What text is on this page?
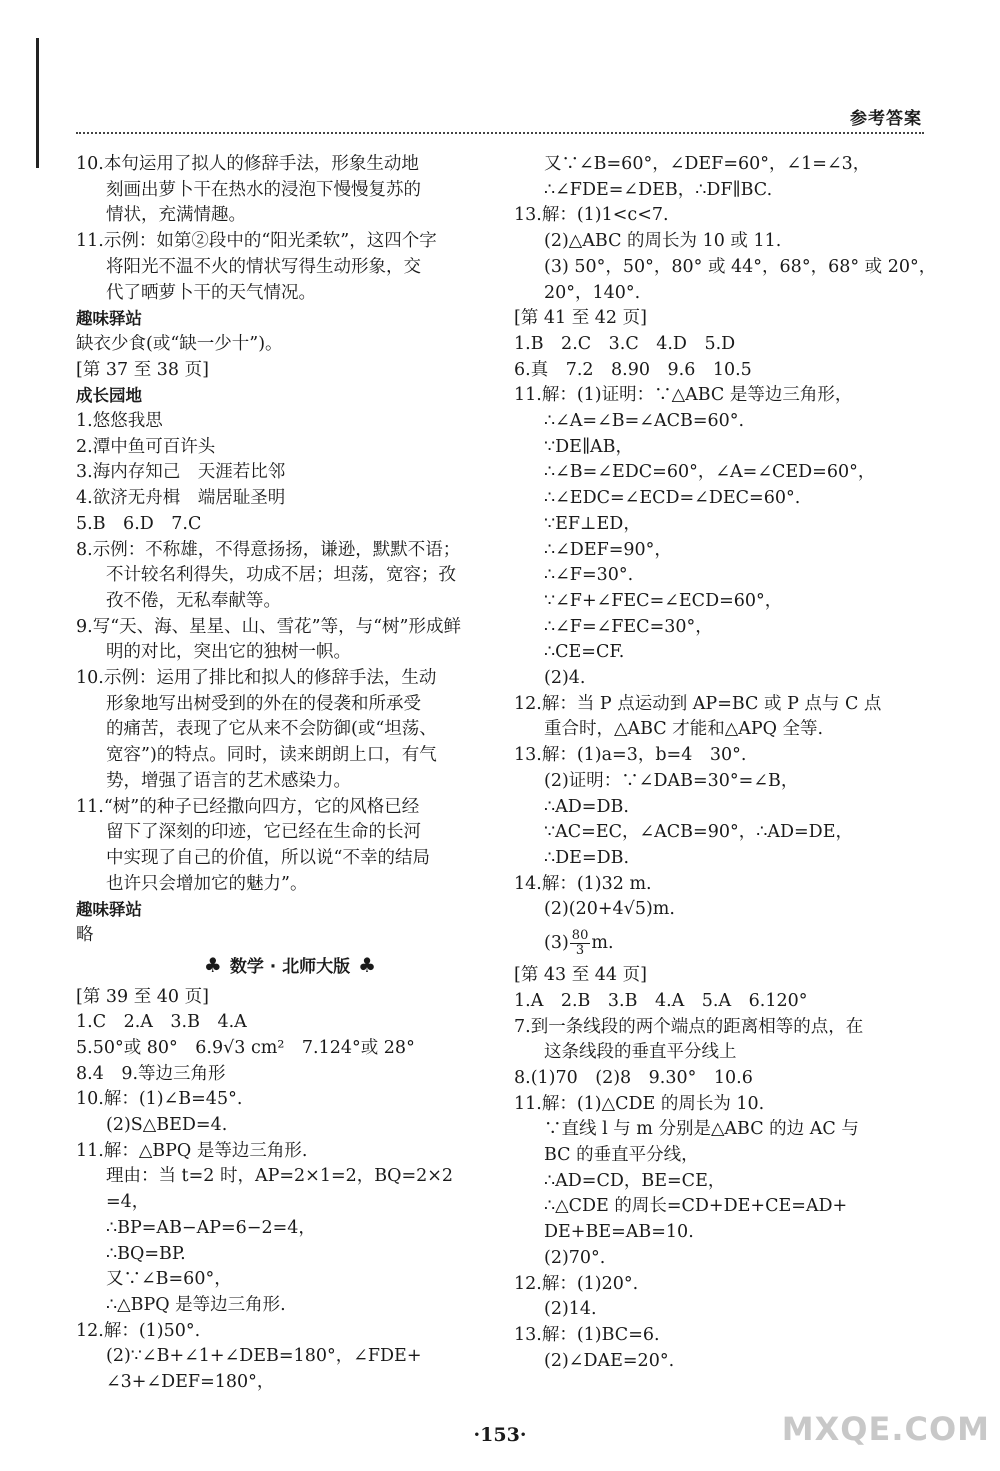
参考答案
10.本句运用了拟人的修辞手法，形象生动地
刻画出萝卜干在热水的浸泡下慢慢复苏的
情状，充满情趣。
11.示例：如第②段中的“阳光柔软”，这四个字
将阳光不温不火的情状写得生动形象，交
代了晒萝卜干的天气情况。
趣味驿站
缺衣少食(或“缺一少十”)。
[第 37 至 38 页]
成长园地
1.悠悠我思
2.潭中鱼可百许头
3.海内存知己　天涯若比邻
4.欲济无舟楫　端居耻圣明
5.B　6.D　7.C
8.示例：不称雄，不得意扬扬，谦逊，默默不语；
不计较名利得失，功成不居；坦荡，宽容；孜
孜不倦，无私奉献等。
9.写“天、海、星星、山、雪花”等，与“树”形成鲜
明的对比，突出它的独树一帜。
10.示例：运用了排比和拟人的修辞手法，生动
形象地写出树受到的外在的侵袭和所承受
的痛苦，表现了它从来不会防御(或“坦荡、
宽容”)的特点。同时，读来朗朗上口，有气
势，增强了语言的艺术感染力。
11.“树”的种子已经撒向四方，它的风格已经
留下了深刻的印迹，它已经在生命的长河
中实现了自己的价值，所以说“不幸的结局
也许只会增加它的魅力”。
趣味驿站
略
♣ 数学 · 北师大版 ♣
[第 39 至 40 页]
1.C　2.A　3.B　4.A
5.50°或 80°　6.9√3 cm²　7.124°或 28°
8.4　9.等边三角形
10.解：(1)∠B=45°.
(2)S△BED=4.
11.解：△BPQ 是等边三角形.
理由：当 t=2 时，AP=2×1=2，BQ=2×2
=4，
∴BP=AB−AP=6−2=4，
∴BQ=BP.
又∵∠B=60°，
∴△BPQ 是等边三角形.
12.解：(1)50°.
(2)∵∠B+∠1+∠DEB=180°，∠FDE+
∠3+∠DEF=180°，
又∵∠B=60°，∠DEF=60°，∠1=∠3，
∴∠FDE=∠DEB，∴DF∥BC.
13.解：(1)1<c<7.
(2)△ABC 的周长为 10 或 11.
(3) 50°，50°，80° 或 44°，68°，68° 或 20°，
20°，140°.
[第 41 至 42 页]
1.B　2.C　3.C　4.D　5.D
6.真　7.2　8.90　9.6　10.5
11.解：(1)证明：∵△ABC 是等边三角形，
∴∠A=∠B=∠ACB=60°.
∵DE∥AB，
∴∠B=∠EDC=60°，∠A=∠CED=60°，
∴∠EDC=∠ECD=∠DEC=60°.
∵EF⊥ED，
∴∠DEF=90°，
∴∠F=30°.
∵∠F+∠FEC=∠ECD=60°，
∴∠F=∠FEC=30°，
∴CE=CF.
(2)4.
12.解：当 P 点运动到 AP=BC 或 P 点与 C 点
重合时，△ABC 才能和△APQ 全等.
13.解：(1)a=3，b=4　30°.
(2)证明：∵∠DAB=30°=∠B，
∴AD=DB.
∵AC=EC，∠ACB=90°，∴AD=DE，
∴DE=DB.
14.解：(1)32 m.
(2)(20+4√5)m.
$(3) \frac{80}{3} m$.
[第 43 至 44 页]
1.A　2.B　3.B　4.A　5.A　6.120°
7.到一条线段的两个端点的距离相等的点，在
这条线段的垂直平分线上
8.(1)70　(2)8　9.30°　10.6
11.解：(1)△CDE 的周长为 10.
∵直线 l 与 m 分别是△ABC 的边 AC 与
BC 的垂直平分线，
∴AD=CD，BE=CE，
∴△CDE 的周长=CD+DE+CE=AD+
DE+BE=AB=10.
(2)70°.
12.解：(1)20°.
(2)14.
13.解：(1)BC=6.
(2)∠DAE=20°.
·153·	MXQE.COM
